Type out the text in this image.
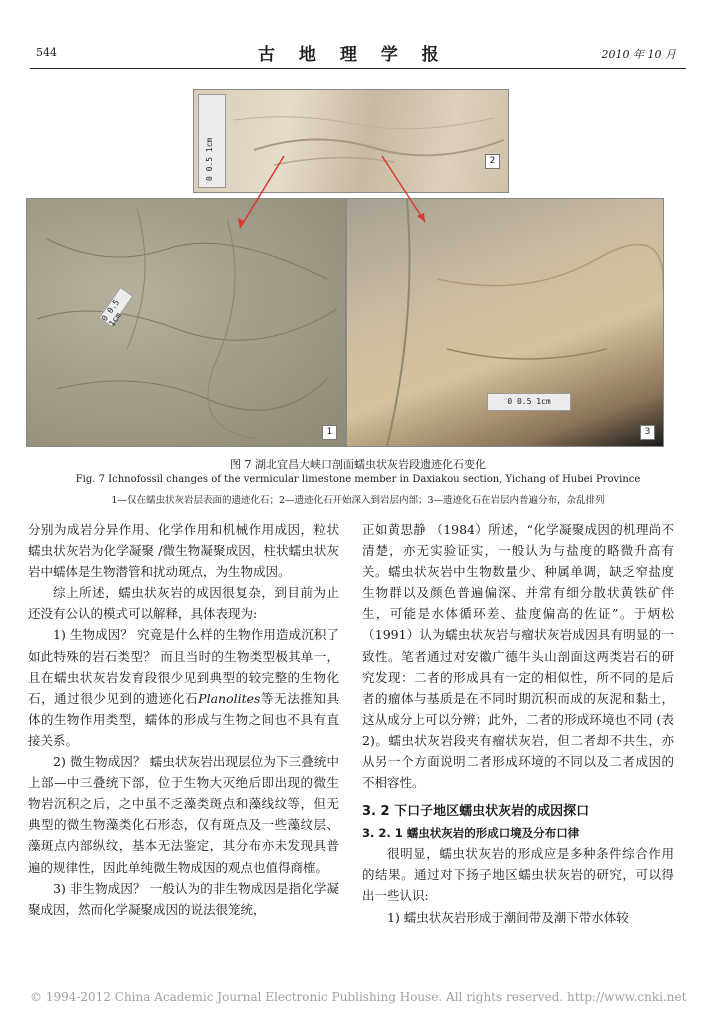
544	古 地 理 学 报	2010 年 10 月
0 0.5 1cm	2
0 0.5 1cm
1
0 0.5 1cm
3
图 7 湖北宜昌大峡口剖面蠕虫状灰岩段遗迹化石变化
Fig. 7 Ichnofossil changes of the vermicular limestone member in Daxiakou section, Yichang of Hubei Province
1—仅在蠕虫状灰岩层表面的遗迹化石；2—遗迹化石开始深入到岩层内部；3—遗迹化石在岩层内普遍分布，杂乱排列

分别为成岩分异作用、化学作用和机械作用成因，粒状蠕虫状灰岩为化学凝聚 /微生物凝聚成因，柱状蠕虫状灰岩中蠕体是生物潜管和扰动斑点，为生物成因。

综上所述，蠕虫状灰岩的成因很复杂，到目前为止还没有公认的模式可以解释，具体表现为:

1) 生物成因？ 究竟是什么样的生物作用造成沉积了如此特殊的岩石类型？ 而且当时的生物类型极其单一，且在蠕虫状灰岩发育段很少见到典型的较完整的生物化石，通过很少见到的遗迹化石Planolites等无法推知具体的生物作用类型，蠕体的形成与生物之间也不具有直接关系。

2) 微生物成因？ 蠕虫状灰岩出现层位为下三叠统中上部—中三叠统下部，位于生物大灭绝后即出现的微生物岩沉积之后，之中虽不乏藻类斑点和藻线纹等，但无典型的微生物藻类化石形态，仅有斑点及一些藻纹层、藻斑点内部纵纹，基本无法鉴定，其分布亦未发现具普遍的规律性，因此单纯微生物成因的观点也值得商榷。

3) 非生物成因？ 一般认为的非生物成因是指化学凝聚成因，然而化学凝聚成因的说法很笼统，

正如黄思静 （1984）所述，“化学凝聚成因的机理尚不清楚，亦无实验证实，一般认为与盐度的略微升高有关。蠕虫状灰岩中生物数量少、种属单调，缺乏窄盐度生物群以及颜色普遍偏深、并常有细分散状黄铁矿伴生，可能是水体循环差、盐度偏高的佐证”。于炳松 （1991）认为蠕虫状灰岩与瘤状灰岩成因具有明显的一致性。笔者通过对安徽广德牛头山剖面这两类岩石的研究发现：二者的形成具有一定的相似性，所不同的是后者的瘤体与基质是在不同时期沉积而成的灰泥和黏土，这从成分上可以分辨；此外，二者的形成环境也不同 (表 2)。蠕虫状灰岩段夹有瘤状灰岩，但二者却不共生，亦从另一个方面说明二者形成环境的不同以及二者成因的不相容性。

3. 2 下口子地区蠕虫状灰岩的成因探口
3. 2. 1 蠕虫状灰岩的形成口境及分布口律

很明显，蠕虫状灰岩的形成应是多种条件综合作用的结果。通过对下扬子地区蠕虫状灰岩的研究，可以得出一些认识:

1) 蠕虫状灰岩形成于潮间带及潮下带水体较

© 1994-2012 China Academic Journal Electronic Publishing House. All rights reserved. http://www.cnki.net
